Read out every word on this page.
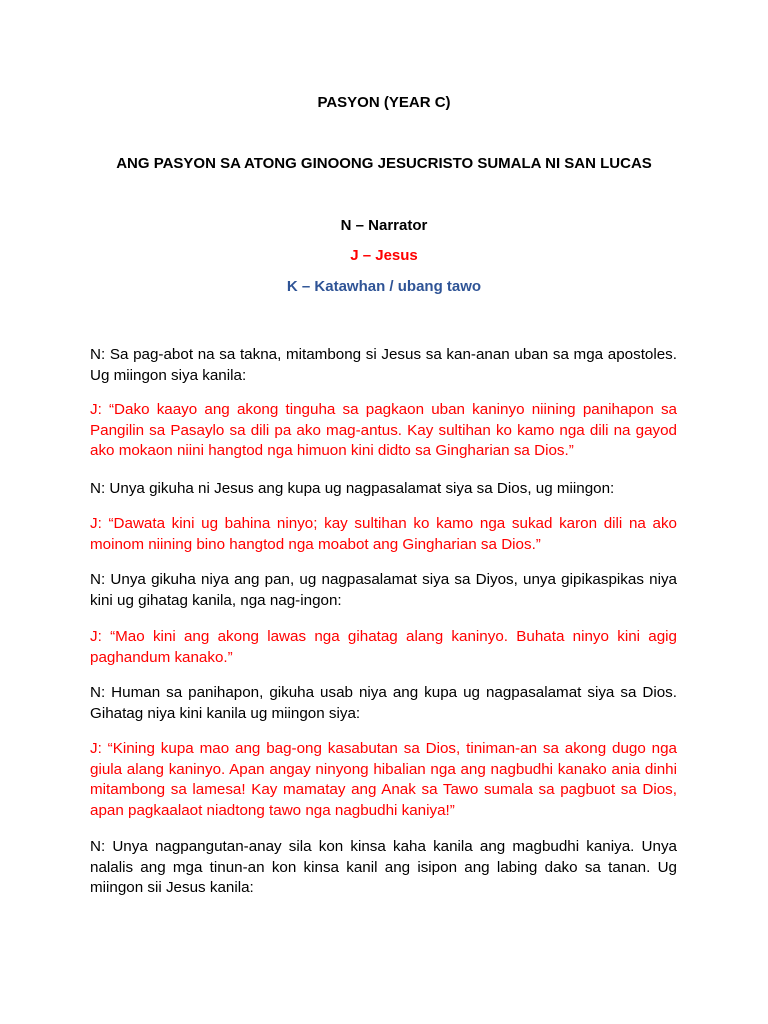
PASYON (YEAR C)

ANG PASYON SA ATONG GINOONG JESUCRISTO SUMALA NI SAN LUCAS

N – Narrator

J – Jesus

K – Katawhan / ubang tawo

N: Sa pag-abot na sa takna, mitambong si Jesus sa kan-anan uban sa mga apostoles. Ug miingon siya kanila:

J: “Dako kaayo ang akong tinguha sa pagkaon uban kaninyo niining panihapon sa Pangilin sa Pasaylo sa dili pa ako mag-antus. Kay sultihan ko kamo nga dili na gayod ako mokaon niini hangtod nga himuon kini didto sa Gingharian sa Dios.”

N: Unya gikuha ni Jesus ang kupa ug nagpasalamat siya sa Dios, ug miingon:

J: “Dawata kini ug bahina ninyo; kay sultihan ko kamo nga sukad karon dili na ako moinom niining bino hangtod nga moabot ang Gingharian sa Dios.”

N: Unya gikuha niya ang pan, ug nagpasalamat siya sa Diyos, unya gipikaspikas niya kini ug gihatag kanila, nga nag-ingon:

J: “Mao kini ang akong lawas nga gihatag alang kaninyo. Buhata ninyo kini agig paghandum kanako.”

N: Human sa panihapon, gikuha usab niya ang kupa ug nagpasalamat siya sa Dios. Gihatag niya kini kanila ug miingon siya:

J: “Kining kupa mao ang bag-ong kasabutan sa Dios, tiniman-an sa akong dugo nga giula alang kaninyo. Apan angay ninyong hibalian nga ang nagbudhi kanako ania dinhi mitambong sa lamesa! Kay mamatay ang Anak sa Tawo sumala sa pagbuot sa Dios, apan pagkaalaot niadtong tawo nga nagbudhi kaniya!”

N: Unya nagpangutan-anay sila kon kinsa kaha kanila ang magbudhi kaniya. Unya nalalis ang mga tinun-an kon kinsa kanil ang isipon ang labing dako sa tanan. Ug miingon sii Jesus kanila:
